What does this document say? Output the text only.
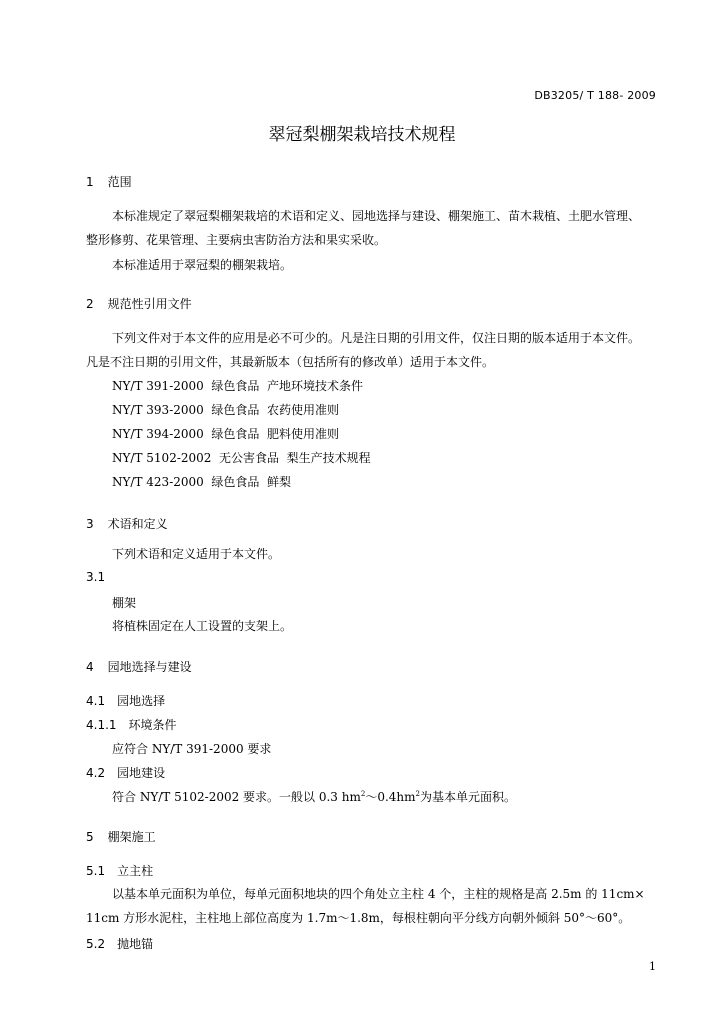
DB3205/ T 188- 2009
翠冠梨棚架栽培技术规程
1 范围
本标准规定了翠冠梨棚架栽培的术语和定义、园地选择与建设、棚架施工、苗木栽植、土肥水管理、
整形修剪、花果管理、主要病虫害防治方法和果实采收。
本标准适用于翠冠梨的棚架栽培。
2 规范性引用文件
下列文件对于本文件的应用是必不可少的。凡是注日期的引用文件，仅注日期的版本适用于本文件。
凡是不注日期的引用文件，其最新版本（包括所有的修改单）适用于本文件。
NY/T 391-2000  绿色食品  产地环境技术条件
NY/T 393-2000  绿色食品  农药使用准则
NY/T 394-2000  绿色食品  肥料使用准则
NY/T 5102-2002  无公害食品  梨生产技术规程
NY/T 423-2000  绿色食品  鲜梨
3 术语和定义
下列术语和定义适用于本文件。
3.1
棚架
将植株固定在人工设置的支架上。
4 园地选择与建设
4.1 园地选择
4.1.1 环境条件
应符合 NY/T 391-2000 要求
4.2 园地建设
符合 NY/T 5102-2002 要求。一般以 0.3 $hm^2\sim 0.4hm^2$为基本单元面积。
5 棚架施工
5.1 立主柱
以基本单元面积为单位，每单元面积地块的四个角处立主柱 4 个，主柱的规格是高 2.5m 的 11cm×
11cm 方形水泥柱，主柱地上部位高度为 1.7m～1.8m，每根柱朝向平分线方向朝外倾斜 50°～60°。
5.2 抛地锚
1
